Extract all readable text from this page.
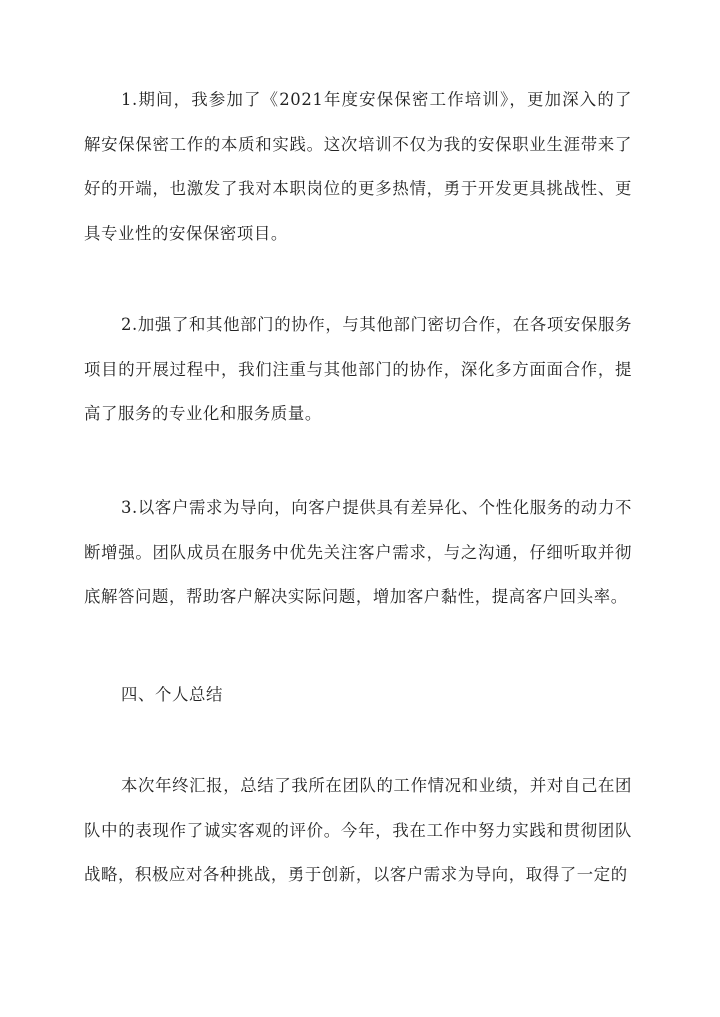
1.期间，我参加了《2021年度安保保密工作培训》，更加深入的了解安保保密工作的本质和实践。这次培训不仅为我的安保职业生涯带来了好的开端，也激发了我对本职岗位的更多热情，勇于开发更具挑战性、更具专业性的安保保密项目。

2.加强了和其他部门的协作，与其他部门密切合作，在各项安保服务项目的开展过程中，我们注重与其他部门的协作，深化多方面面合作，提高了服务的专业化和服务质量。

3.以客户需求为导向，向客户提供具有差异化、个性化服务的动力不断增强。团队成员在服务中优先关注客户需求，与之沟通，仔细听取并彻底解答问题，帮助客户解决实际问题，增加客户黏性，提高客户回头率。

四、个人总结

本次年终汇报，总结了我所在团队的工作情况和业绩，并对自己在团队中的表现作了诚实客观的评价。今年，我在工作中努力实践和贯彻团队战略，积极应对各种挑战，勇于创新，以客户需求为导向，取得了一定的
